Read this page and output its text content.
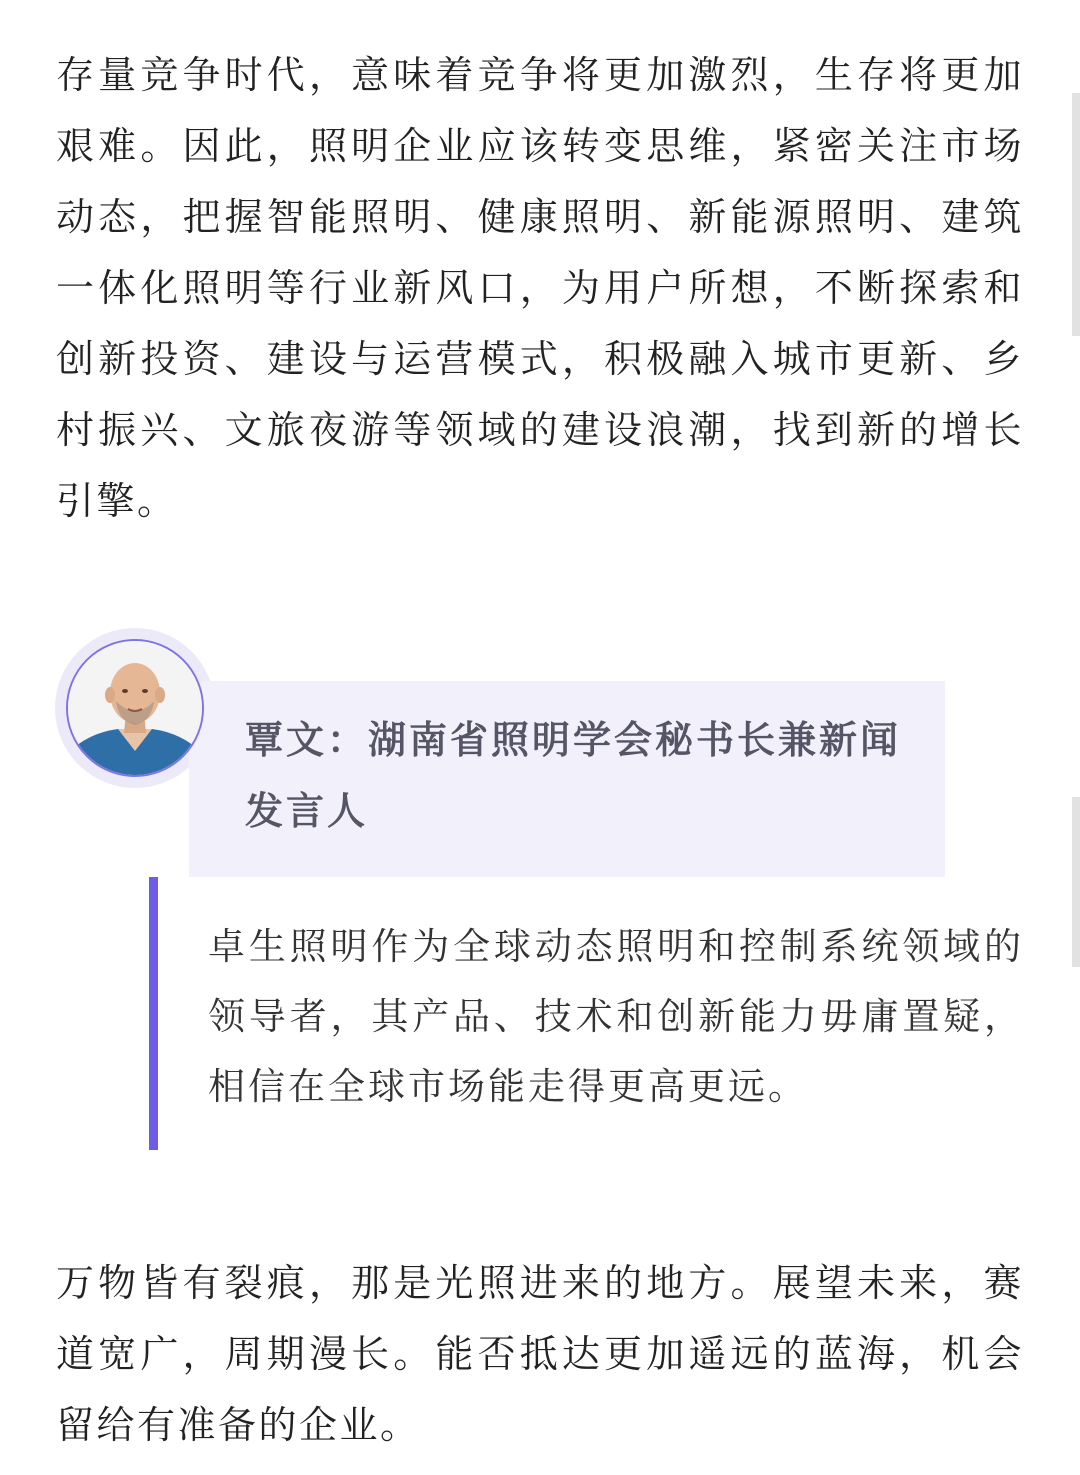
存量竞争时代，意味着竞争将更加激烈，生存将更加艰难。因此，照明企业应该转变思维，紧密关注市场动态，把握智能照明、健康照明、新能源照明、建筑一体化照明等行业新风口，为用户所想，不断探索和创新投资、建设与运营模式，积极融入城市更新、乡村振兴、文旅夜游等领域的建设浪潮，找到新的增长引擎。

覃文：湖南省照明学会秘书长兼新闻发言人

卓生照明作为全球动态照明和控制系统领域的领导者，其产品、技术和创新能力毋庸置疑，相信在全球市场能走得更高更远。

万物皆有裂痕，那是光照进来的地方。展望未来，赛道宽广，周期漫长。能否抵达更加遥远的蓝海，机会留给有准备的企业。
